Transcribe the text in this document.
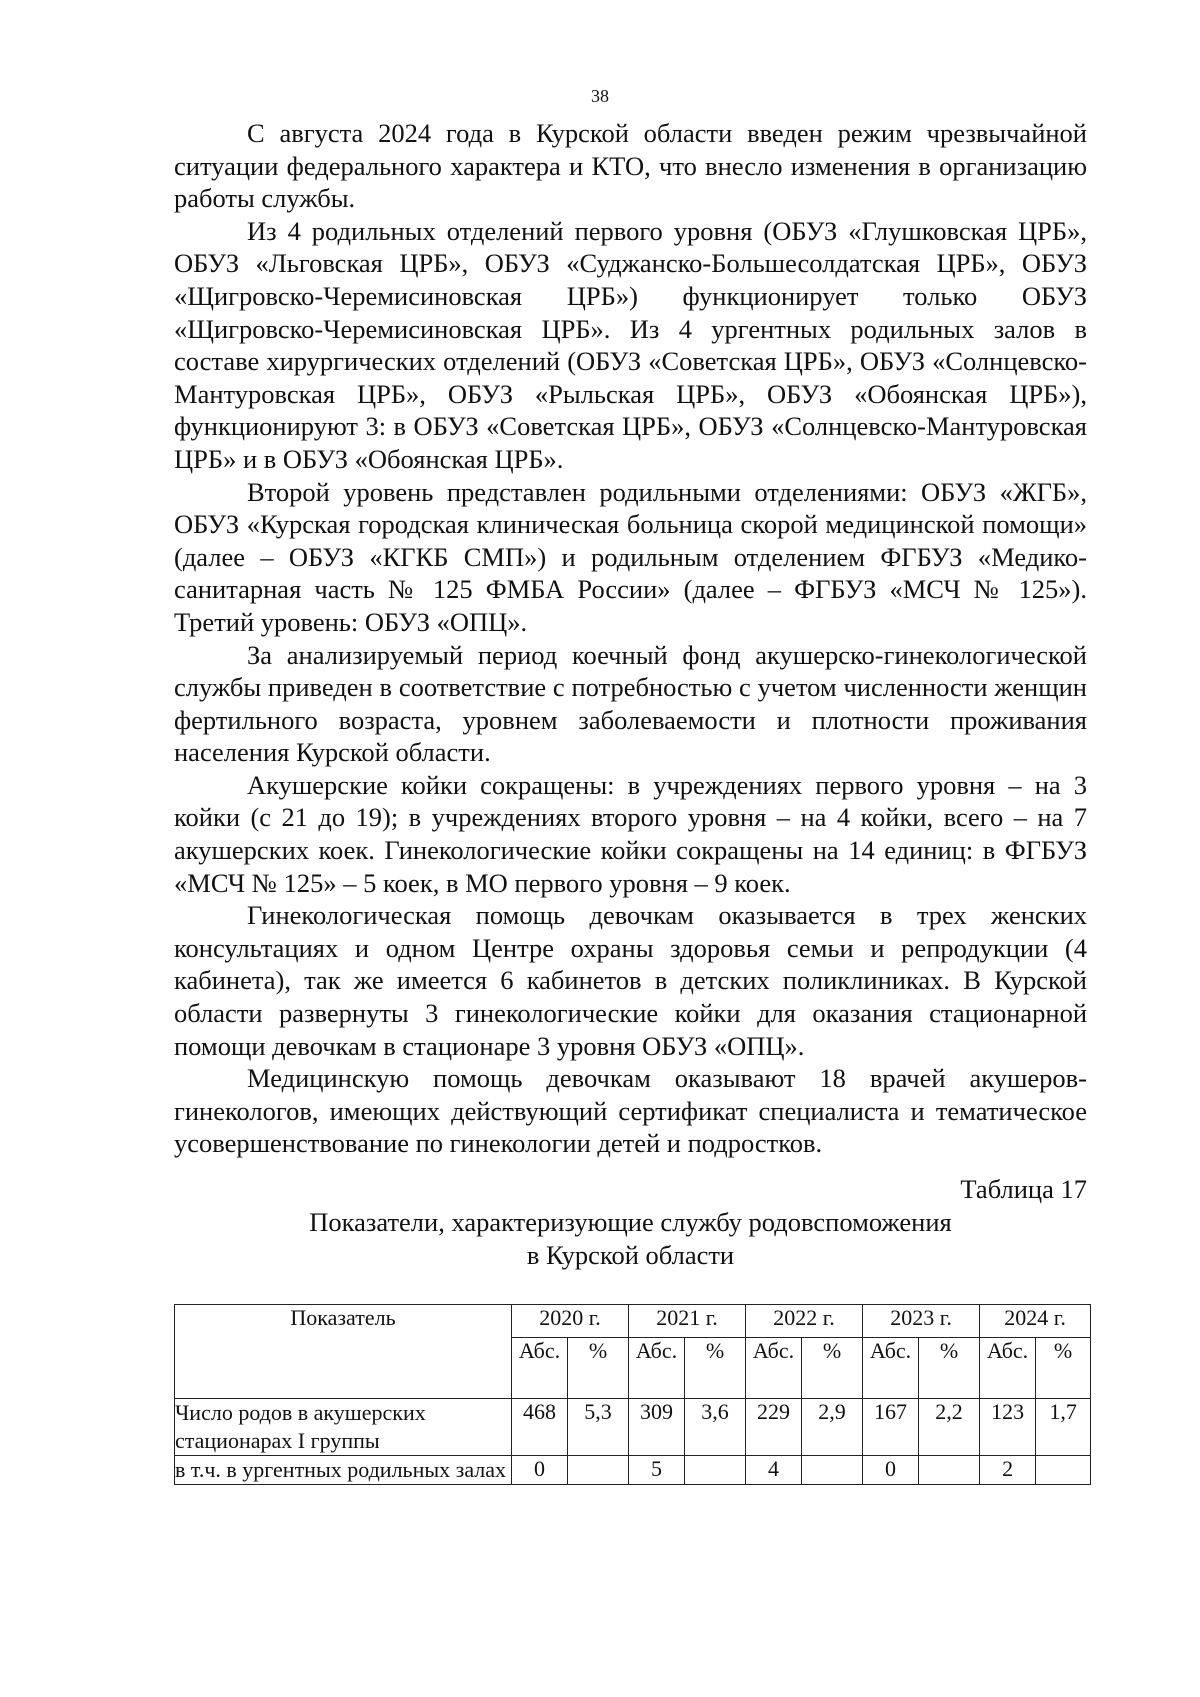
38

С августа 2024 года в Курской области введен режим чрезвычайной ситуации федерального характера и КТО, что внесло изменения в организацию работы службы.

Из 4 родильных отделений первого уровня (ОБУЗ «Глушковская ЦРБ», ОБУЗ «Льговская ЦРБ», ОБУЗ «Суджанско-Большесолдатская ЦРБ», ОБУЗ «Щигровско-Черемисиновская ЦРБ») функционирует только ОБУЗ «Щигровско-Черемисиновская ЦРБ». Из 4 ургентных родильных залов в составе хирургических отделений (ОБУЗ «Советская ЦРБ», ОБУЗ «Солнцевско-Мантуровская ЦРБ», ОБУЗ «Рыльская ЦРБ», ОБУЗ «Обоянская ЦРБ»), функционируют 3: в ОБУЗ «Советская ЦРБ», ОБУЗ «Солнцевско-Мантуровская ЦРБ» и в ОБУЗ «Обоянская ЦРБ».

Второй уровень представлен родильными отделениями: ОБУЗ «ЖГБ», ОБУЗ «Курская городская клиническая больница скорой медицинской помощи» (далее – ОБУЗ «КГКБ СМП») и родильным отделением ФГБУЗ «Медико-санитарная часть № 125 ФМБА России» (далее – ФГБУЗ «МСЧ № 125»). Третий уровень: ОБУЗ «ОПЦ».

За анализируемый период коечный фонд акушерско-гинекологической службы приведен в соответствие с потребностью с учетом численности женщин фертильного возраста, уровнем заболеваемости и плотности проживания населения Курской области.

Акушерские койки сокращены: в учреждениях первого уровня – на 3 койки (с 21 до 19); в учреждениях второго уровня – на 4 койки, всего – на 7 акушерских коек. Гинекологические койки сокращены на 14 единиц: в ФГБУЗ «МСЧ № 125» – 5 коек, в МО первого уровня – 9 коек.

Гинекологическая помощь девочкам оказывается в трех женских консультациях и одном Центре охраны здоровья семьи и репродукции (4 кабинета), так же имеется 6 кабинетов в детских поликлиниках. В Курской области развернуты 3 гинекологические койки для оказания стационарной помощи девочкам в стационаре 3 уровня ОБУЗ «ОПЦ».

Медицинскую помощь девочкам оказывают 18 врачей акушеров-гинекологов, имеющих действующий сертификат специалиста и тематическое усовершенствование по гинекологии детей и подростков.

Таблица 17
Показатели, характеризующие службу родовспоможения
в Курской области
Показатель	2020 г.		2021 г.		2022 г.		2023 г.		2024 г.	
	Абс.	%	Абс.	%	Абс.	%	Абс.	%	Абс.	%
Число родов в акушерских стационарах I группы	468	5,3	309	3,6	229	2,9	167	2,2	123	1,7
в т.ч. в ургентных родильных залах	0		5		4		0		2	
